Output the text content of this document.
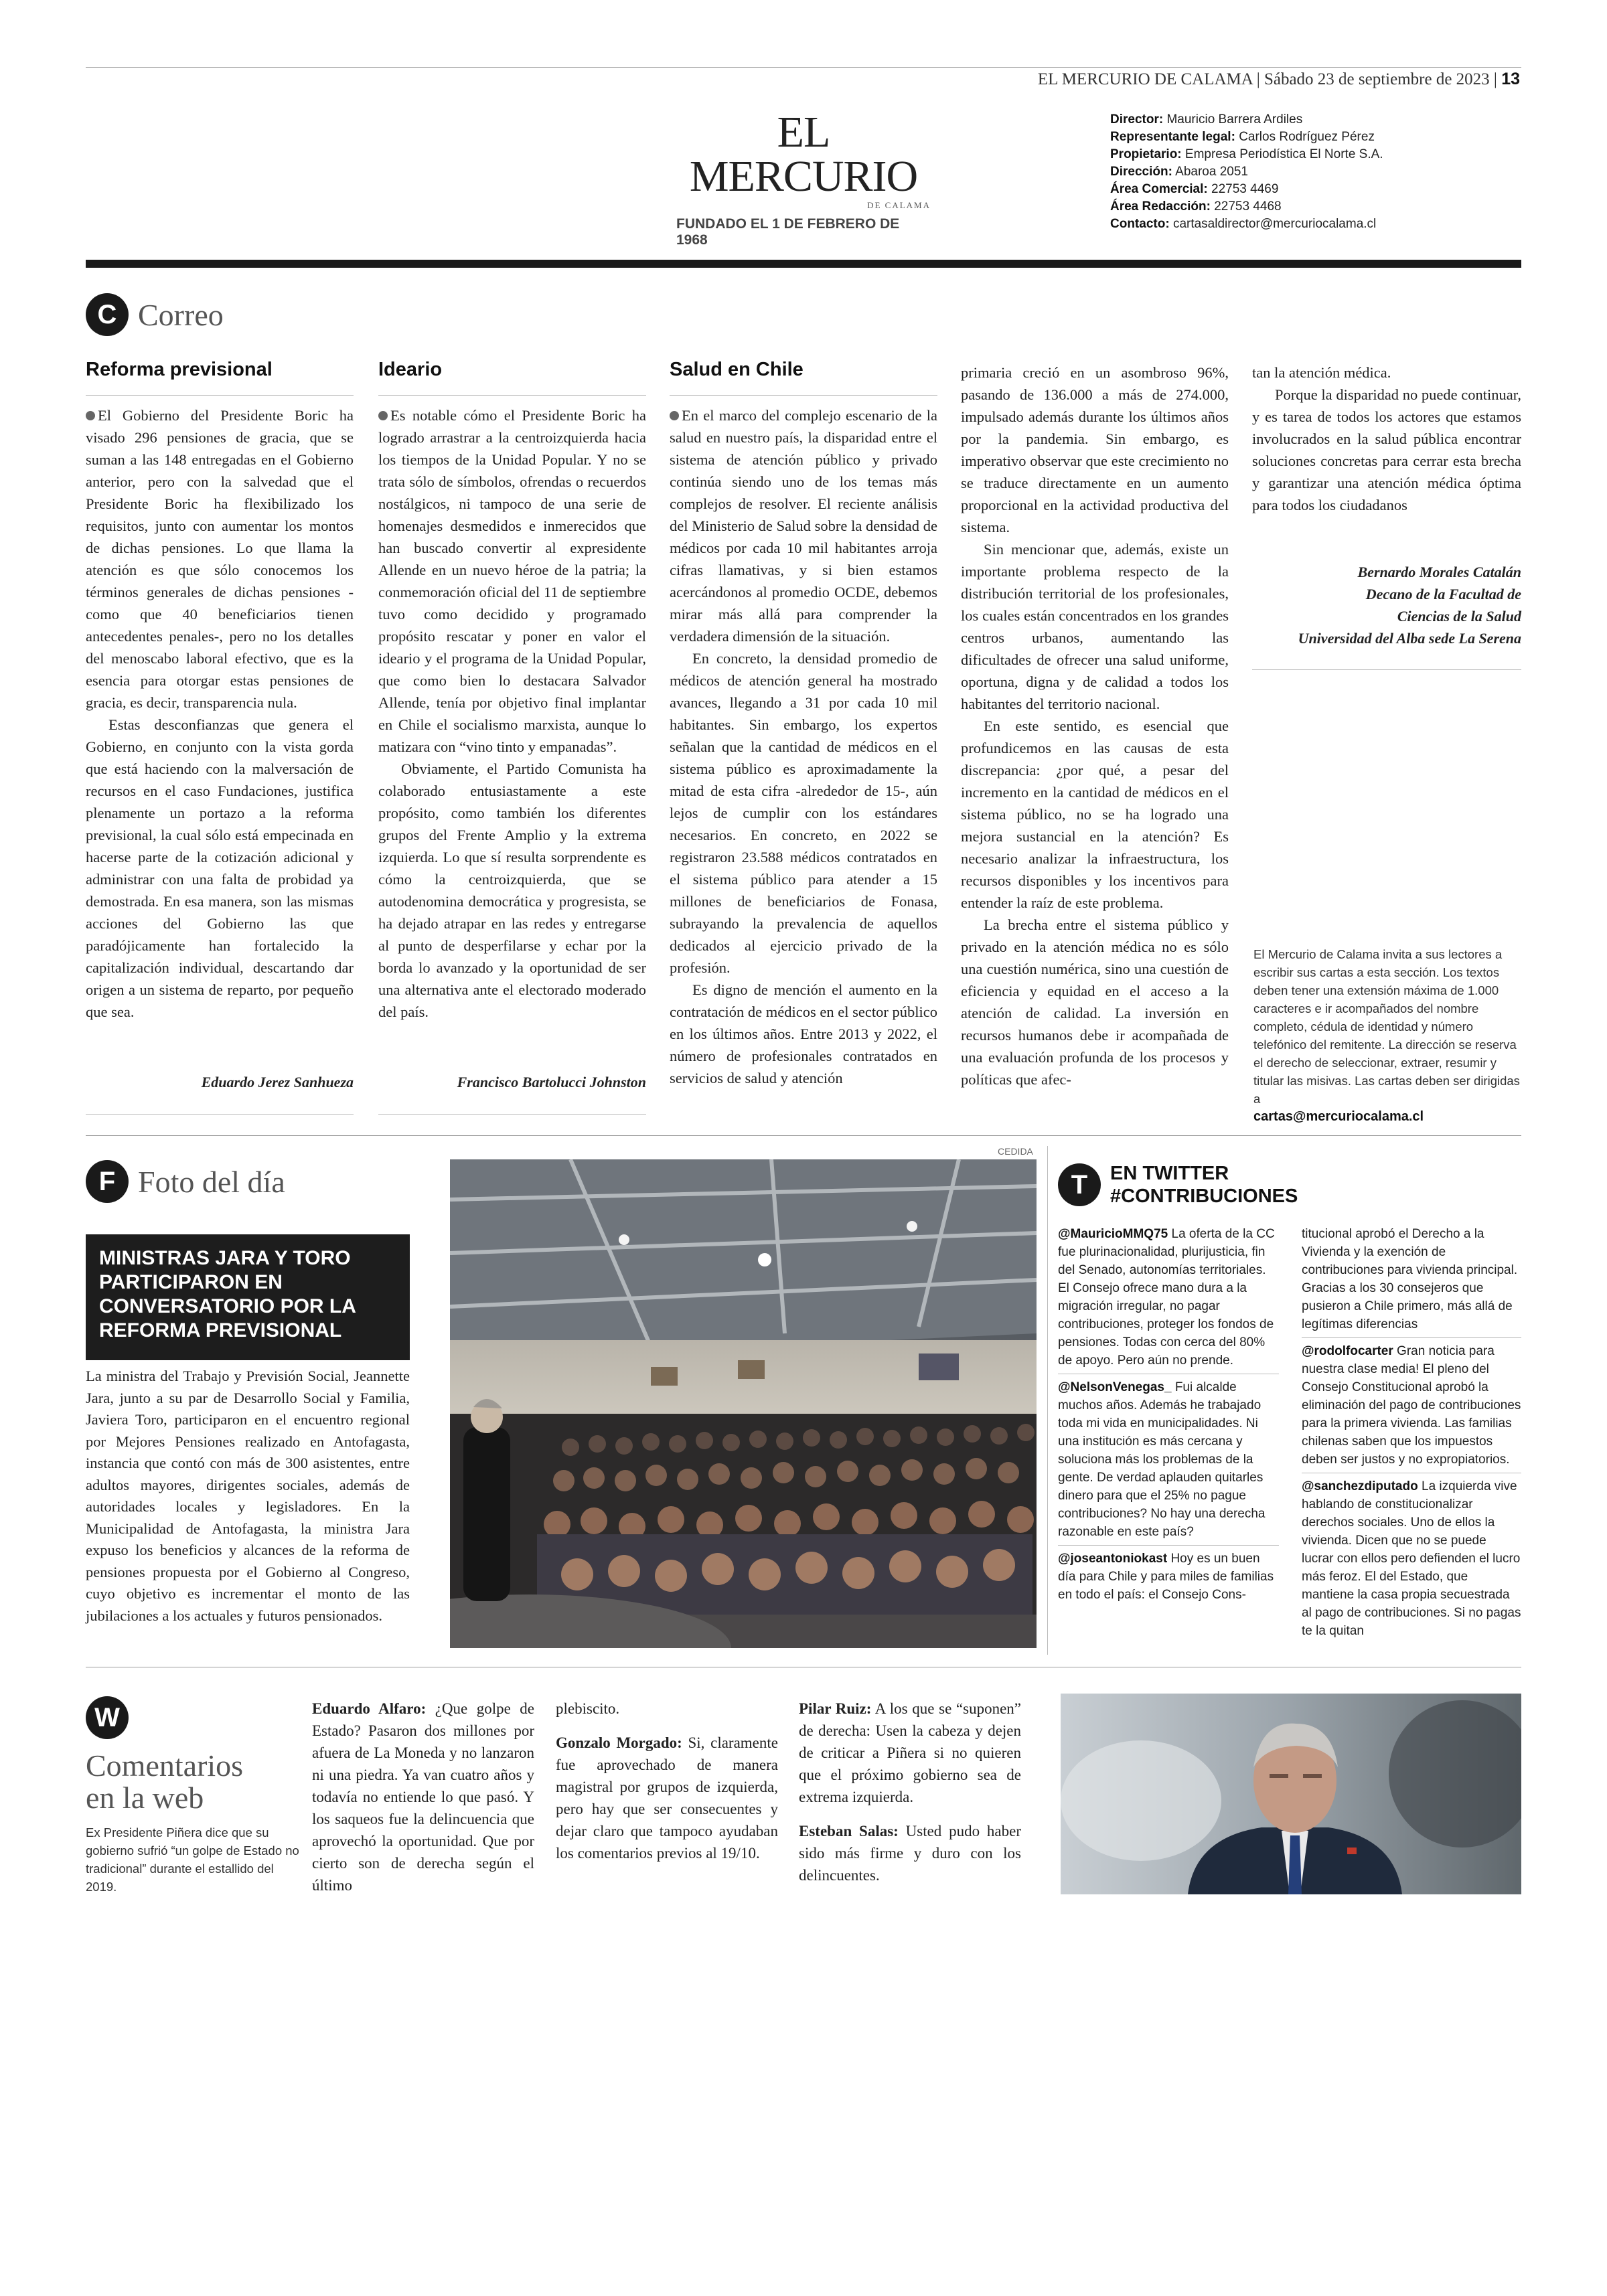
EL MERCURIO DE CALAMA | Sábado 23 de septiembre de 2023 | 13
EL MERCURIO
DE CALAMA
FUNDADO EL 1 DE FEBRERO DE 1968
Director: Mauricio Barrera Ardiles
Representante legal: Carlos Rodríguez Pérez
Propietario: Empresa Periodística El Norte S.A.
Dirección: Abaroa 2051
Área Comercial: 22753 4469
Área Redacción: 22753 4468
Contacto: cartasaldirector@mercuriocalama.cl
C Correo
Reforma previsional

El Gobierno del Presidente Boric ha visado 296 pensiones de gracia, que se suman a las 148 entregadas en el Gobierno anterior, pero con la salvedad que el Presidente Boric ha flexibilizado los requisitos, junto con aumentar los montos de dichas pensiones. Lo que llama la atención es que sólo conocemos los términos generales de dichas pensiones -como que 40 beneficiarios tienen antecedentes penales-, pero no los detalles del menoscabo laboral efectivo, que es la esencia para otorgar estas pensiones de gracia, es decir, transparencia nula.

Estas desconfianzas que genera el Gobierno, en conjunto con la vista gorda que está haciendo con la malversación de recursos en el caso Fundaciones, justifica plenamente un portazo a la reforma previsional, la cual sólo está empecinada en hacerse parte de la cotización adicional y administrar con una falta de probidad ya demostrada. En esa manera, son las mismas acciones del Gobierno las que paradójicamente han fortalecido la capitalización individual, descartando dar origen a un sistema de reparto, por pequeño que sea.

Eduardo Jerez Sanhueza
Ideario

Es notable cómo el Presidente Boric ha logrado arrastrar a la centroizquierda hacia los tiempos de la Unidad Popular. Y no se trata sólo de símbolos, ofrendas o recuerdos nostálgicos, ni tampoco de una serie de homenajes desmedidos e inmerecidos que han buscado convertir al expresidente Allende en un nuevo héroe de la patria; la conmemoración oficial del 11 de septiembre tuvo como decidido y programado propósito rescatar y poner en valor el ideario y el programa de la Unidad Popular, que como bien lo destacara Salvador Allende, tenía por objetivo final implantar en Chile el socialismo marxista, aunque lo matizara con “vino tinto y empanadas”.

Obviamente, el Partido Comunista ha colaborado entusiastamente a este propósito, como también los diferentes grupos del Frente Amplio y la extrema izquierda. Lo que sí resulta sorprendente es cómo la centroizquierda, que se autodenomina democrática y progresista, se ha dejado atrapar en las redes y entregarse al punto de desperfilarse y echar por la borda lo avanzado y la oportunidad de ser una alternativa ante el electorado moderado del país.

Francisco Bartolucci Johnston
Salud en Chile

En el marco del complejo escenario de la salud en nuestro país, la disparidad entre el sistema de atención público y privado continúa siendo uno de los temas más complejos de resolver. El reciente análisis del Ministerio de Salud sobre la densidad de médicos por cada 10 mil habitantes arroja cifras llamativas, y si bien estamos acercándonos al promedio OCDE, debemos mirar más allá para comprender la verdadera dimensión de la situación.

En concreto, la densidad promedio de médicos de atención general ha mostrado avances, llegando a 31 por cada 10 mil habitantes. Sin embargo, los expertos señalan que la cantidad de médicos en el sistema público es aproximadamente la mitad de esta cifra -alrededor de 15-, aún lejos de cumplir con los estándares necesarios. En concreto, en 2022 se registraron 23.588 médicos contratados en el sistema público para atender a 15 millones de beneficiarios de Fonasa, subrayando la prevalencia de aquellos dedicados al ejercicio privado de la profesión.

Es digno de mención el aumento en la contratación de médicos en el sector público en los últimos años. Entre 2013 y 2022, el número de profesionales contratados en servicios de salud y atención

primaria creció en un asombroso 96%, pasando de 136.000 a más de 274.000, impulsado además durante los últimos años por la pandemia. Sin embargo, es imperativo observar que este crecimiento no se traduce directamente en un aumento proporcional en la actividad productiva del sistema.

Sin mencionar que, además, existe un importante problema respecto de la distribución territorial de los profesionales, los cuales están concentrados en los grandes centros urbanos, aumentando las dificultades de ofrecer una salud uniforme, oportuna, digna y de calidad a todos los habitantes del territorio nacional.

En este sentido, es esencial que profundicemos en las causas de esta discrepancia: ¿por qué, a pesar del incremento en la cantidad de médicos en el sistema público, no se ha logrado una mejora sustancial en la atención? Es necesario analizar la infraestructura, los recursos disponibles y los incentivos para entender la raíz de este problema.

La brecha entre el sistema público y privado en la atención médica no es sólo una cuestión numérica, sino una cuestión de eficiencia y equidad en el acceso a la atención de calidad. La inversión en recursos humanos debe ir acompañada de una evaluación profunda de los procesos y políticas que afec-

tan la atención médica.

Porque la disparidad no puede continuar, y es tarea de todos los actores que estamos involucrados en la salud pública encontrar soluciones concretas para cerrar esta brecha y garantizar una atención médica óptima para todos los ciudadanos

Bernardo Morales Catalán
Decano de la Facultad de
Ciencias de la Salud
Universidad del Alba sede La Serena
El Mercurio de Calama invita a sus lectores a escribir sus cartas a esta sección. Los textos deben tener una extensión máxima de 1.000 caracteres e ir acompañados del nombre completo, cédula de identidad y número telefónico del remitente. La dirección se reserva el derecho de seleccionar, extraer, resumir y titular las misivas. Las cartas deben ser dirigidas a
cartas@mercuriocalama.cl
F Foto del día
MINISTRAS JARA Y TORO PARTICIPARON EN CONVERSATORIO POR LA REFORMA PREVISIONAL

La ministra del Trabajo y Previsión Social, Jeannette Jara, junto a su par de Desarrollo Social y Familia, Javiera Toro, participaron en el encuentro regional por Mejores Pensiones realizado en Antofagasta, instancia que contó con más de 300 asistentes, entre adultos mayores, dirigentes sociales, además de autoridades locales y legisladores. En la Municipalidad de Antofagasta, la ministra Jara expuso los beneficios y alcances de la reforma de pensiones propuesta por el Gobierno al Congreso, cuyo objetivo es incrementar el monto de las jubilaciones a los actuales y futuros pensionados.

CEDIDA
T	EN TWITTER
#CONTRIBUCIONES
@MauricioMMQ75 La oferta de la CC fue plurinacionalidad, plurijusticia, fin del Senado, autonomías territoriales. El Consejo ofrece mano dura a la migración irregular, no pagar contribuciones, proteger los fondos de pensiones. Todas con cerca del 80% de apoyo. Pero aún no prende.
@NelsonVenegas_ Fui alcalde muchos años. Además he trabajado toda mi vida en municipalidades. Ni una institución es más cercana y soluciona más los problemas de la gente. De verdad aplauden quitarles dinero para que el 25% no pague contribuciones? No hay una derecha razonable en este país?
@joseantoniokast Hoy es un buen día para Chile y para miles de familias en todo el país: el Consejo Cons-
titucional aprobó el Derecho a la Vivienda y la exención de contribuciones para vivienda principal. Gracias a los 30 consejeros que pusieron a Chile primero, más allá de legítimas diferencias
@rodolfocarter Gran noticia para nuestra clase media! El pleno del Consejo Constitucional aprobó la eliminación del pago de contribuciones para la primera vivienda. Las familias chilenas saben que los impuestos deben ser justos y no expropiatorios.
@sanchezdiputado La izquierda vive hablando de constitucionalizar derechos sociales. Uno de ellos la vivienda. Dicen que no se puede lucrar con ellos pero defienden el lucro más feroz. El del Estado, que mantiene la casa propia secuestrada al pago de contribuciones. Si no pagas te la quitan
W
Comentarios
en la web
Ex Presidente Piñera dice que su gobierno sufrió “un golpe de Estado no tradicional” durante el estallido del 2019.

Eduardo Alfaro: ¿Que golpe de Estado? Pasaron dos millones por afuera de La Moneda y no lanzaron ni una piedra. Ya van cuatro años y todavía no entiende lo que pasó. Y los saqueos fue la delincuencia que aprovechó la oportunidad. Que por cierto son de derecha según el último

plebiscito.

Gonzalo Morgado: Si, claramente fue aprovechado de manera magistral por grupos de izquierda, pero hay que ser consecuentes y dejar claro que tampoco ayudaban los comentarios previos al 19/10.

Pilar Ruiz: A los que se “suponen” de derecha: Usen la cabeza y dejen de criticar a Piñera si no quieren que el próximo gobierno sea de extrema izquierda.

Esteban Salas: Usted pudo haber sido más firme y duro con los delincuentes.
